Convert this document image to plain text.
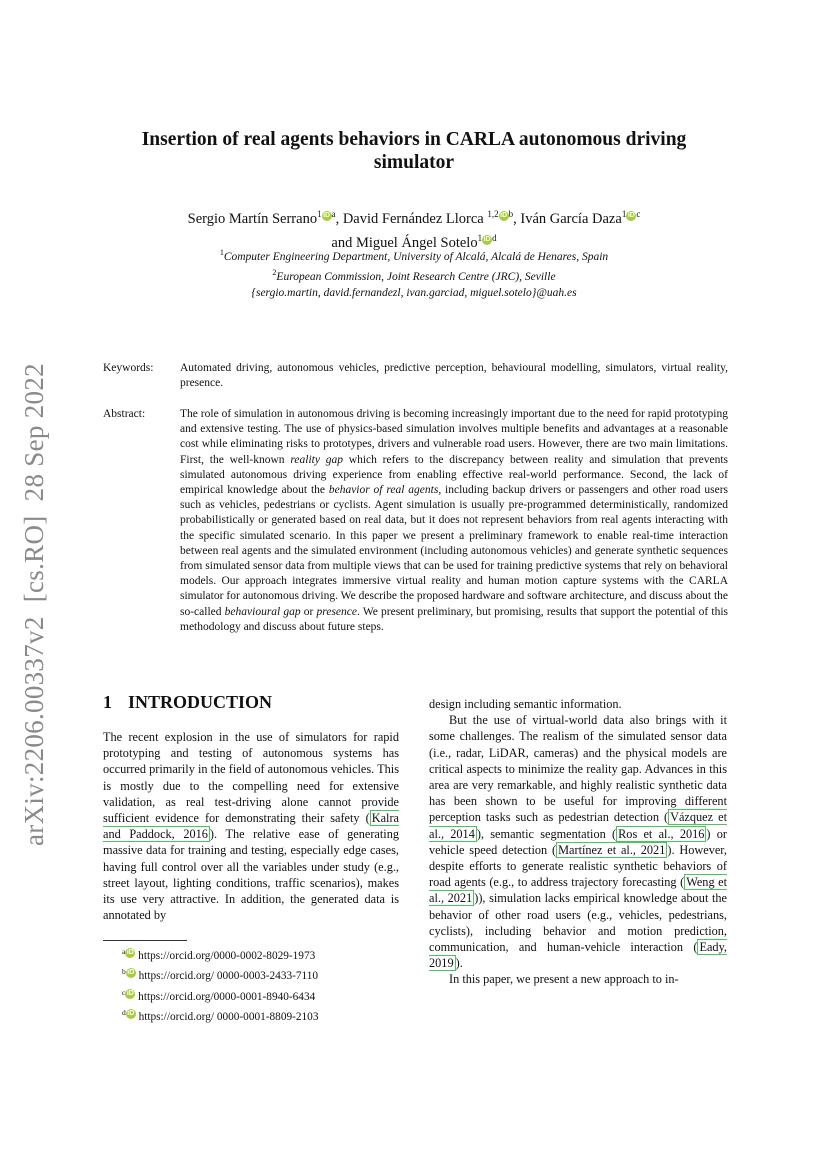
arXiv:2206.00337v2  [cs.RO]  28 Sep 2022
Insertion of real agents behaviors in CARLA autonomous driving
simulator
Sergio Martín Serrano$^1$ iD $^a$, David Fernández Llorca $^{1,2}$ iD $^b$, Iván García Daza$^1$ iD $^c$
and Miguel Ángel Sotelo$^1$ iD $^d$
$^1$Computer Engineering Department, University of Alcalá, Alcalá de Henares, Spain
$^2$European Commission, Joint Research Centre (JRC), Seville
{sergio.martin, david.fernandezl, ivan.garciad, miguel.sotelo}@uah.es
Keywords:	Automated driving, autonomous vehicles, predictive perception, behavioural modelling, simulators, virtual reality, presence.
Abstract:	The role of simulation in autonomous driving is becoming increasingly important due to the need for rapid prototyping and extensive testing. The use of physics-based simulation involves multiple benefits and advantages at a reasonable cost while eliminating risks to prototypes, drivers and vulnerable road users. However, there are two main limitations. First, the well-known reality gap which refers to the discrepancy between reality and simulation that prevents simulated autonomous driving experience from enabling effective real-world performance. Second, the lack of empirical knowledge about the behavior of real agents, including backup drivers or passengers and other road users such as vehicles, pedestrians or cyclists. Agent simulation is usually pre-programmed deterministically, randomized probabilistically or generated based on real data, but it does not represent behaviors from real agents interacting with the specific simulated scenario. In this paper we present a preliminary framework to enable real-time interaction between real agents and the simulated environment (including autonomous vehicles) and generate synthetic sequences from simulated sensor data from multiple views that can be used for training predictive systems that rely on behavioral models. Our approach integrates immersive virtual reality and human motion capture systems with the CARLA simulator for autonomous driving. We describe the proposed hardware and software architecture, and discuss about the so-called behavioural gap or presence. We present preliminary, but promising, results that support the potential of this methodology and discuss about future steps.
1 INTRODUCTION
The recent explosion in the use of simulators for rapid prototyping and testing of autonomous systems has occurred primarily in the field of autonomous vehicles. This is mostly due to the compelling need for extensive validation, as real test-driving alone cannot provide sufficient evidence for demonstrating their safety ( Kalra and Paddock, 2016 ). The relative ease of generating massive data for training and testing, especially edge cases, having full control over all the variables under study (e.g., street layout, lighting conditions, traffic scenarios), makes its use very attractive. In addition, the generated data is annotated by
$^a$ iD https://orcid.org/0000-0002-8029-1973
$^b$ iD https://orcid.org/ 0000-0003-2433-7110
$^c$ iD https://orcid.org/0000-0001-8940-6434
$^d$ iD https://orcid.org/ 0000-0001-8809-2103
design including semantic information.
But the use of virtual-world data also brings with it some challenges. The realism of the simulated sensor data (i.e., radar, LiDAR, cameras) and the physical models are critical aspects to minimize the reality gap. Advances in this area are very remarkable, and highly realistic synthetic data has been shown to be useful for improving different perception tasks such as pedestrian detection ( Vázquez et al., 2014 ), semantic segmentation ( Ros et al., 2016 ) or vehicle speed detection ( Martínez et al., 2021 ). However, despite efforts to generate realistic synthetic behaviors of road agents (e.g., to address trajectory forecasting ( Weng et al., 2021 )), simulation lacks empirical knowledge about the behavior of other road users (e.g., vehicles, pedestrians, cyclists), including behavior and motion prediction, communication, and human-vehicle interaction ( Eady, 2019 ).
In this paper, we present a new approach to in-
